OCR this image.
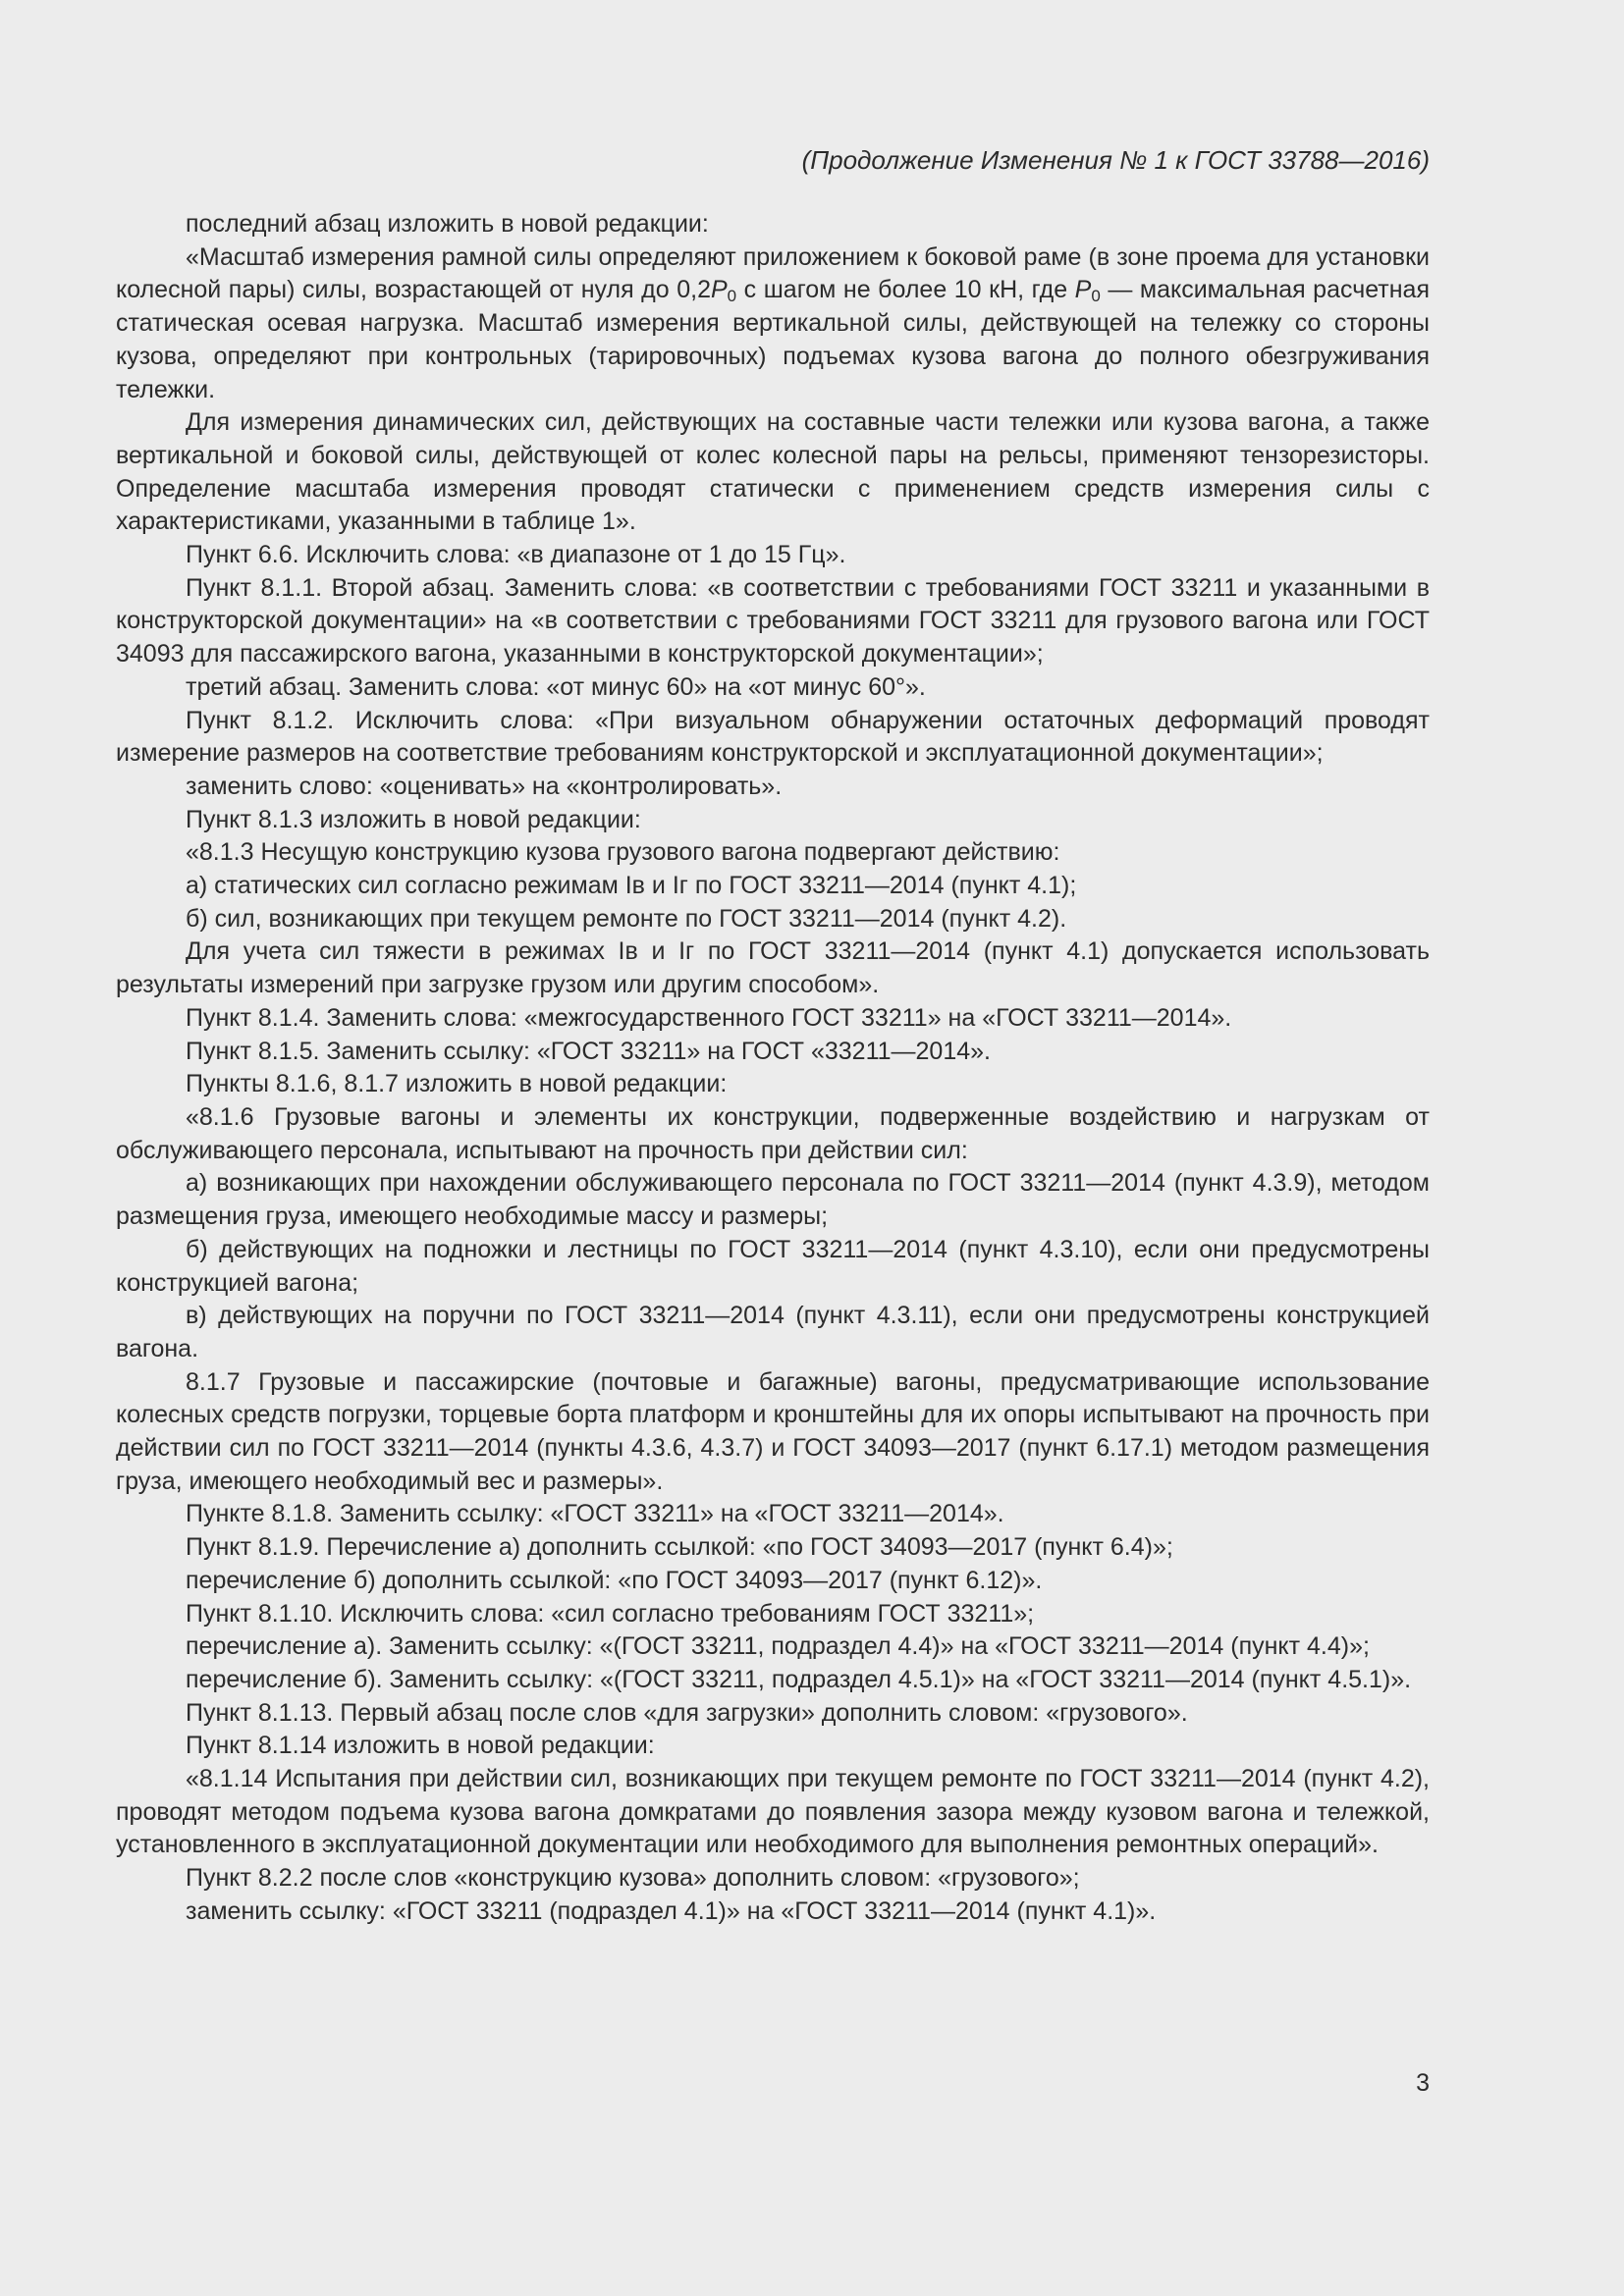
(Продолжение Изменения № 1 к ГОСТ 33788—2016)

последний абзац изложить в новой редакции:

«Масштаб измерения рамной силы определяют приложением к боковой раме (в зоне проема для установки колесной пары) силы, возрастающей от нуля до $0,2P_0$ с шагом не более 10 кН, где $P_0$ — максимальная расчетная статическая осевая нагрузка. Масштаб измерения вертикальной силы, действующей на тележку со стороны кузова, определяют при контрольных (тарировочных) подъемах кузова вагона до полного обезгруживания тележки.

Для измерения динамических сил, действующих на составные части тележки или кузова вагона, а также вертикальной и боковой силы, действующей от колес колесной пары на рельсы, применяют тензорезисторы. Определение масштаба измерения проводят статически с применением средств измерения силы с характеристиками, указанными в таблице 1».

Пункт 6.6. Исключить слова: «в диапазоне от 1 до 15 Гц».

Пункт 8.1.1. Второй абзац. Заменить слова: «в соответствии с требованиями ГОСТ 33211 и указанными в конструкторской документации» на «в соответствии с требованиями ГОСТ 33211 для грузового вагона или ГОСТ 34093 для пассажирского вагона, указанными в конструкторской документации»;

третий абзац. Заменить слова: «от минус 60» на «от минус 60°».

Пункт 8.1.2. Исключить слова: «При визуальном обнаружении остаточных деформаций проводят измерение размеров на соответствие требованиям конструкторской и эксплуатационной документации»;

заменить слово: «оценивать» на «контролировать».

Пункт 8.1.3 изложить в новой редакции:

«8.1.3 Несущую конструкцию кузова грузового вагона подвергают действию:

а) статических сил согласно режимам Iв и Iг по ГОСТ 33211—2014 (пункт 4.1);

б) сил, возникающих при текущем ремонте по ГОСТ 33211—2014 (пункт 4.2).

Для учета сил тяжести в режимах Iв и Iг по ГОСТ 33211—2014 (пункт 4.1) допускается использовать результаты измерений при загрузке грузом или другим способом».

Пункт 8.1.4. Заменить слова: «межгосударственного ГОСТ 33211» на «ГОСТ 33211—2014».

Пункт 8.1.5. Заменить ссылку: «ГОСТ 33211» на ГОСТ «33211—2014».

Пункты 8.1.6, 8.1.7 изложить в новой редакции:

«8.1.6 Грузовые вагоны и элементы их конструкции, подверженные воздействию и нагрузкам от обслуживающего персонала, испытывают на прочность при действии сил:

а) возникающих при нахождении обслуживающего персонала по ГОСТ 33211—2014 (пункт 4.3.9), методом размещения груза, имеющего необходимые массу и размеры;

б) действующих на подножки и лестницы по ГОСТ 33211—2014 (пункт 4.3.10), если они предусмотрены конструкцией вагона;

в) действующих на поручни по ГОСТ 33211—2014 (пункт 4.3.11), если они предусмотрены конструкцией вагона.

8.1.7 Грузовые и пассажирские (почтовые и багажные) вагоны, предусматривающие использование колесных средств погрузки, торцевые борта платформ и кронштейны для их опоры испытывают на прочность при действии сил по ГОСТ 33211—2014 (пункты 4.3.6, 4.3.7) и ГОСТ 34093—2017 (пункт 6.17.1) методом размещения груза, имеющего необходимый вес и размеры».

Пункте 8.1.8. Заменить ссылку: «ГОСТ 33211» на «ГОСТ 33211—2014».

Пункт 8.1.9. Перечисление а) дополнить ссылкой: «по ГОСТ 34093—2017 (пункт 6.4)»;

перечисление б) дополнить ссылкой: «по ГОСТ 34093—2017 (пункт 6.12)».

Пункт 8.1.10. Исключить слова: «сил согласно требованиям ГОСТ 33211»;

перечисление а). Заменить ссылку: «(ГОСТ 33211, подраздел 4.4)» на «ГОСТ 33211—2014 (пункт 4.4)»;

перечисление б). Заменить ссылку: «(ГОСТ 33211, подраздел 4.5.1)» на «ГОСТ 33211—2014 (пункт 4.5.1)».

Пункт 8.1.13. Первый абзац после слов «для загрузки» дополнить словом: «грузового».

Пункт 8.1.14 изложить в новой редакции:

«8.1.14 Испытания при действии сил, возникающих при текущем ремонте по ГОСТ 33211—2014 (пункт 4.2), проводят методом подъема кузова вагона домкратами до появления зазора между кузовом вагона и тележкой, установленного в эксплуатационной документации или необходимого для выполнения ремонтных операций».

Пункт 8.2.2 после слов «конструкцию кузова» дополнить словом: «грузового»;

заменить ссылку: «ГОСТ 33211 (подраздел 4.1)» на «ГОСТ 33211—2014 (пункт 4.1)».

3
